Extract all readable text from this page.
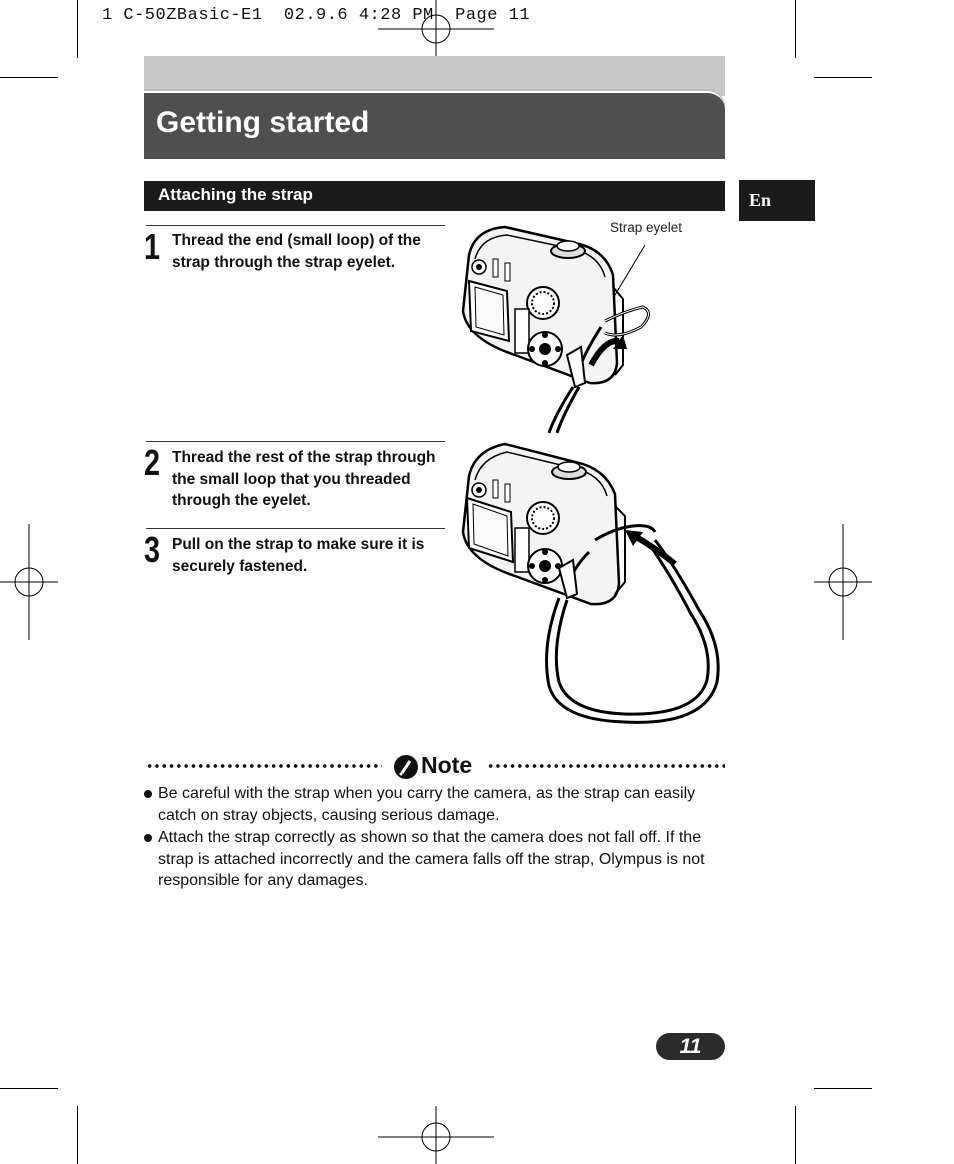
1 C-50ZBasic-E1  02.9.6 4:28 PM  Page 11
Getting started
Attaching the strap	En
1 Thread the end (small loop) of the strap through the strap eyelet.
2 Thread the rest of the strap through the small loop that you threaded through the eyelet.
3 Pull on the strap to make sure it is securely fastened.
Strap eyelet
Note
Be careful with the strap when you carry the camera, as the strap can easily catch on stray objects, causing serious damage.
Attach the strap correctly as shown so that the camera does not fall off. If the strap is attached incorrectly and the camera falls off the strap, Olympus is not responsible for any damages.
11
